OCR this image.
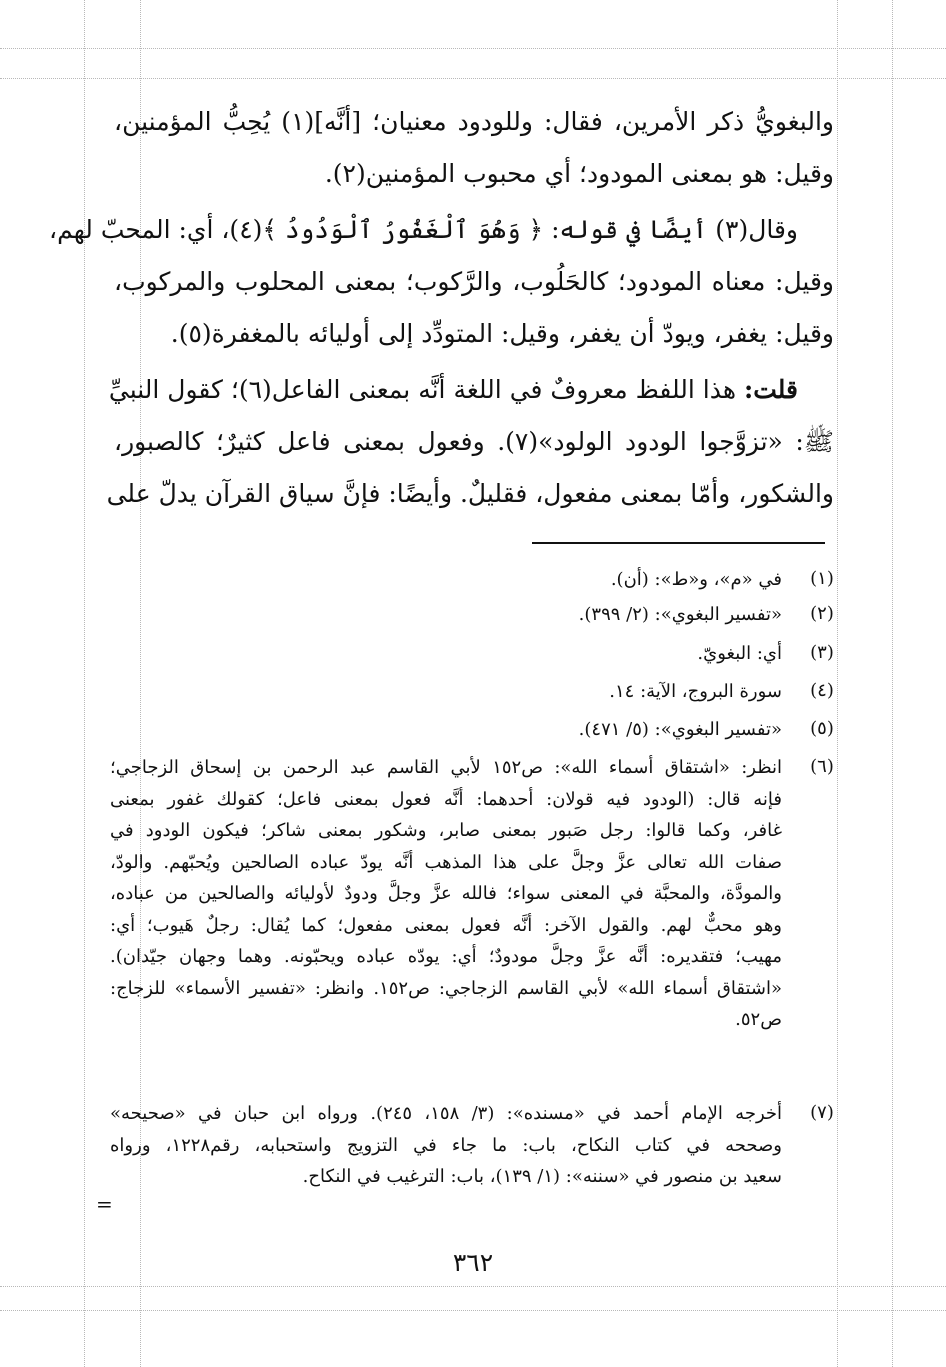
والبغويُّ ذكر الأمرين، فقال: وللودود معنيان؛ [أنَّه](١) يُحِبُّ المؤمنين،
وقيل: هو بمعنى المودود؛ أي محبوب المؤمنين(٢).
وقال(٣) أيضًا في قوله: ﴿ وَهُوَ ٱلْغَفُورُ ٱلْوَدُودُ ﴾(٤)، أي: المحبّ لهم،
وقيل: معناه المودود؛ كالحَلُوب، والرَّكوب؛ بمعنى المحلوب والمركوب،
وقيل: يغفر، ويودّ أن يغفر، وقيل: المتودِّد إلى أوليائه بالمغفرة(٥).
قلت: هذا اللفظ معروفٌ في اللغة أنَّه بمعنى الفاعل(٦)؛ كقول النبيِّ
ﷺ: «تزوَّجوا الودود الولود»(٧). وفعول بمعنى فاعل كثيرٌ؛ كالصبور،
والشكور، وأمّا بمعنى مفعول، فقليلٌ. وأيضًا: فإنَّ سياق القرآن يدلّ على
(١)
في «م»، و«ط»: (أن).
(٢)
«تفسير البغوي»: (٢/ ٣٩٩).
(٣)
أي: البغويّ.
(٤)
سورة البروج، الآية: ١٤.
(٥)
«تفسير البغوي»: (٥/ ٤٧١).
(٦)
انظر: «اشتقاق أسماء الله»: ص١٥٢ لأبي القاسم عبد الرحمن بن إسحاق الزجاجي؛
فإنه قال: (الودود فيه قولان: أحدهما: أنَّه فعول بمعنى فاعل؛ كقولك غفور بمعنى
غافر، وكما قالوا: رجل صَبور بمعنى صابر، وشكور بمعنى شاكر؛ فيكون الودود في
صفات الله تعالى عزَّ وجلَّ على هذا المذهب أنَّه يودّ عباده الصالحين ويُحبّهم. والودّ،
والمودَّة، والمحبَّة في المعنى سواء؛ فالله عزَّ وجلَّ ودودٌ لأوليائه والصالحين من عباده،
وهو محبٌّ لهم. والقول الآخر: أنَّه فعول بمعنى مفعول؛ كما يُقال: رجلٌ هَيوب؛ أي:
مهيب؛ فتقديره: أنَّه عزَّ وجلَّ مودودٌ؛ أي: يودّه عباده ويحبّونه. وهما وجهان جيّدان).
«اشتقاق أسماء الله» لأبي القاسم الزجاجي: ص١٥٢. وانظر: «تفسير الأسماء» للزجاج:
ص٥٢.
(٧)
أخرجه الإمام أحمد في «مسنده»: (٣/ ١٥٨، ٢٤٥). ورواه ابن حبان في «صحيحه»
وصححه في كتاب النكاح، باب: ما جاء في التزويج واستحبابه، رقم١٢٢٨، ورواه
سعيد بن منصور في «سننه»: (١/ ١٣٩)، باب: الترغيب في النكاح.
=
٣٦٢
